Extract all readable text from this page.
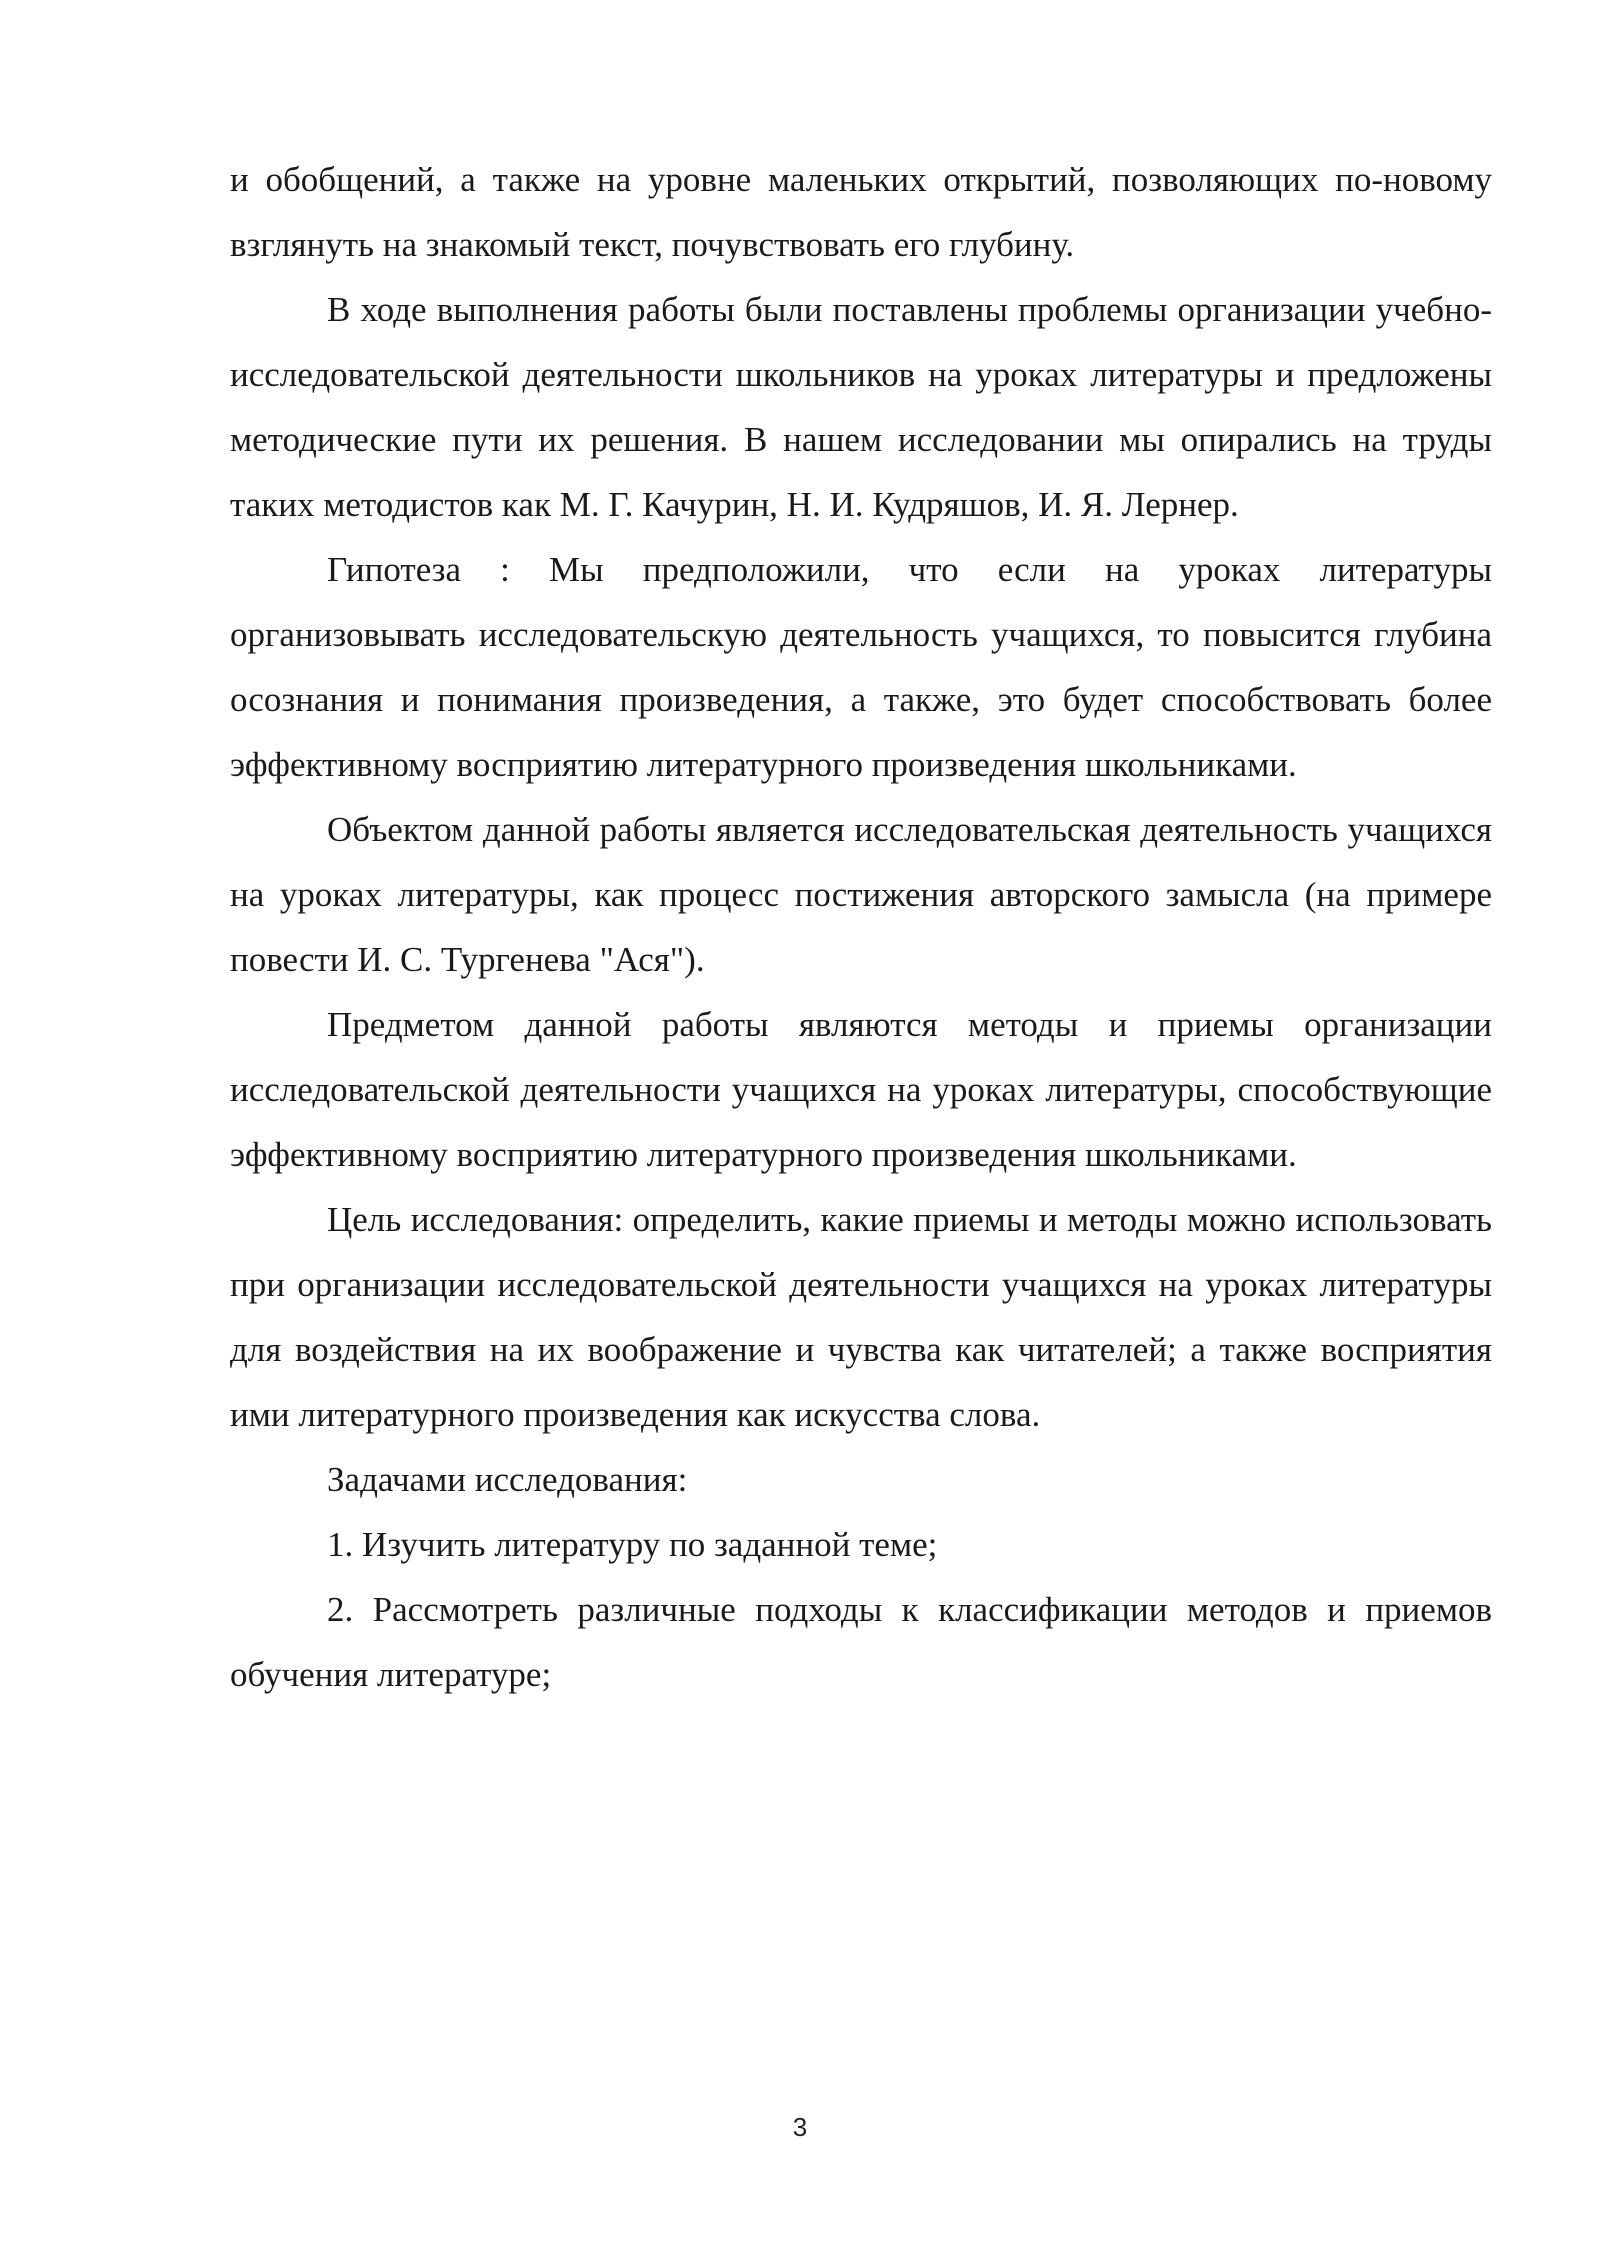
и обобщений, а также на уровне маленьких открытий, позволяющих по-новому взглянуть на знакомый текст, почувствовать его глубину.

В ходе выполнения работы были поставлены проблемы организации учебно-исследовательской деятельности школьников на уроках литературы и предложены методические пути их решения. В нашем исследовании мы опирались на труды таких методистов как М. Г. Качурин, Н. И. Кудряшов, И. Я. Лернер.

Гипотеза : Мы предположили, что если на уроках литературы организовывать исследовательскую деятельность учащихся, то повысится глубина осознания и понимания произведения, а также, это будет способствовать более эффективному восприятию литературного произведения школьниками.

Объектом данной работы является исследовательская деятельность учащихся на уроках литературы, как процесс постижения авторского замысла (на примере повести И. С. Тургенева "Ася").

Предметом данной работы являются методы и приемы организации исследовательской деятельности учащихся на уроках литературы, способствующие эффективному восприятию литературного произведения школьниками.

Цель исследования: определить, какие приемы и методы можно использовать при организации исследовательской деятельности учащихся на уроках литературы для воздействия на их воображение и чувства как читателей; а также восприятия ими литературного произведения как искусства слова.

Задачами исследования:

1. Изучить литературу по заданной теме;

2. Рассмотреть различные подходы к классификации методов и приемов обучения литературе;

3
